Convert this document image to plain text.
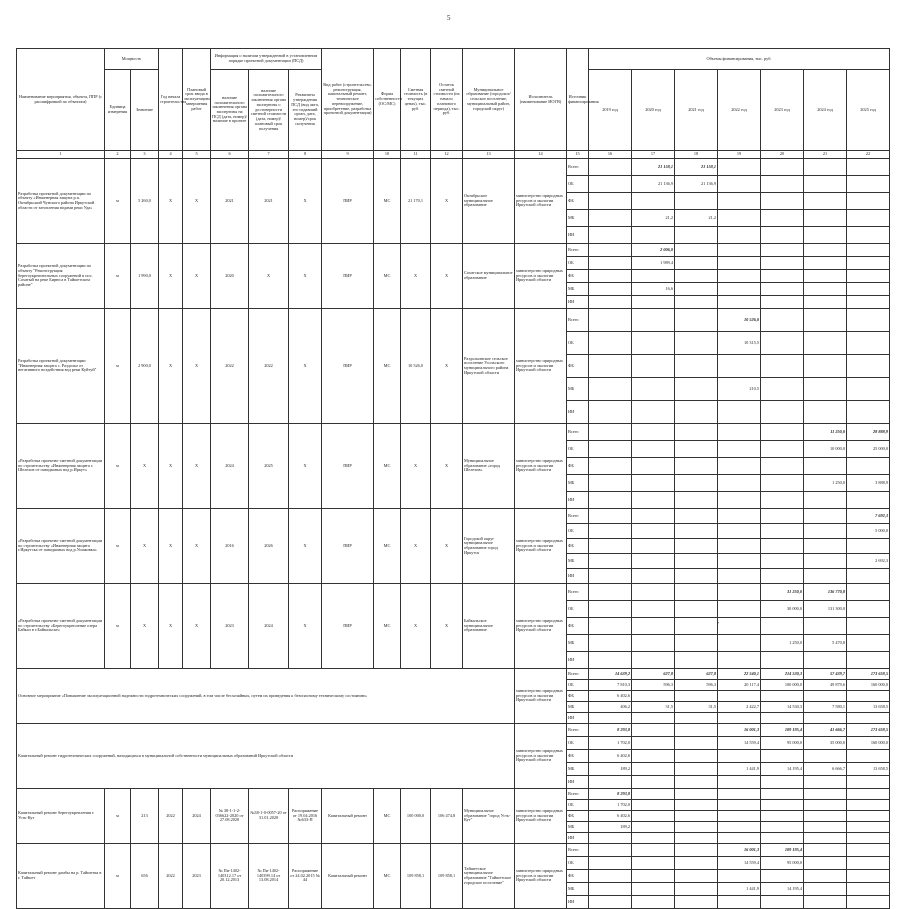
5
Наименование мероприятия, объекта, ППР (с расшифровкой по объектам)	Мощность		Год начала строительства	Плановый срок ввода в эксплуатацию/завершения работ	Информация о наличии утвержденной в установленном порядке проектной документации (ПСД)			Вид работ (строительство, реконструкция, капитальный ремонт, техническое перевооружение, приобретение, разработка проектной документации)	Форма собственности (ОС/МС)	Сметная стоимость (в текущих ценах), тыс. руб.	Остаток сметной стоимости (на начало планового периода), тыс. руб.	Муниципальное образование (городское/сельское поселение, муниципальный район, городской округ)	Исполнитель (наименование ИОГВ)	Источник финансирования	Объемы финансирования, тыс. руб.						
	Единица измерения	Значение			наличие положительного заключения органа экспертизы на ПСД (дата, номер)/наличие в проекте	наличие положительного заключения органа экспертизы о достоверности сметной стоимости (дата, номер)/плановый срок получения	Реквизиты утверждения ПСД (вид акта, его издавший орган, дата, номер)/срок получения								2019 год	2020 год	2021 год	2022 год	2023 год	2024 год	2025 год
1	2	3	4	5	6	7	8	9	10	11	12	13	14	15	16	17	18	19	20	21	22
Разработка проектной документации по объекту «Инженерная защита р.п. Октябрьский Чунского района Иркутской области от затопления водами реки Уда»	м	5 260,0	Х	Х	2021	2021	Х	ПИР	МС	21 170,1	Х	Октябрьское муниципальное образование	министерство природных ресурсов и экологии Иркутской области	Всего		21 158,1	21 158,1				
														ОБ		21 136,9	21 136,9				
														ФБ							
														МБ		21,2	21,2				
														ИИ							
Разработка проектной документации по объекту "Реконструкция берегоукрепительных сооружений в пос. Сохатый на реке Бирюса в Тайшетском районе"	м	1 990,0	Х	Х	2020	Х	Х	ПИР	МС	Х	Х	Сохатское муниципальное образование	министерство природных ресурсов и экологии Иркутской области	Всего		2 006,0					
														ОБ		1 989,4					
														ФБ							
														МБ		16,6					
														ИИ							
Разработка проектной документации "Инженерная защита с. Раздолье от негативного воздействия вод реки Куйтуй"	м	2 900,0	Х	Х	2022	2022	Х	ПИР	МС	10 526,0	Х	Раздольинское сельское поселение Усольского муниципального района Иркутской области	министерство природных ресурсов и экологии Иркутской области	Всего				10 526,0			
														ОБ				10 315,5			
														ФБ							
														МБ				210,5			
														ИИ							
«Разработка проектно-сметной документации по строительству «Инженерная защита г. Шелехов от паводковых вод р.Иркут»	м	Х	Х	Х	2024	2025	Х	ПИР	МС	Х	Х	Муниципальное образование «город Шелехов»	министерство природных ресурсов и экологии Иркутской области	Всего						11 250,0	28 888,9
														ОБ						10 000,0	25 000,0
														ФБ							
														МБ						1 250,0	3 888,9
														ИИ							
«Разработка проектно-сметной документации по строительству «Инженерная защита г.Иркутска от паводковых вод р.Ушаковка»	м	Х	Х	Х	2016	2026	Х	ПИР	МС	Х	Х	Городской округ муниципальное образование город Иркутск	министерство природных ресурсов и экологии Иркутской области	Всего							7 692,3
														ОБ							5 000,0
														ФБ							
														МБ							2 692,3
														ИИ							
«Разработка проектно-сметной документации по строительству «Берегоукрепление озера Байкал в г.Байкальске»	м	Х	Х	Х	2023	2024	Х	ПИР	МС	Х	Х	Байкальское муниципальное образование	министерство природных ресурсов и экологии Иркутской области	Всего					31 250,0	136 770,8	
														ОБ					30 000,0	131 300,0	
														ФБ							
														МБ					1 250,0	5 470,8	
														ИИ							
Основное мероприятие «Повышение эксплуатационной надежности гидротехнических сооружений, в том числе бесхозяйных, путем их приведения к безопасному техническому состоянию»													министерство природных ресурсов и экологии Иркутской области	Всего	14 639,2	627,8	627,8	22 540,1	214 530,3	57 439,7	173 658,5
														ОБ	7 810,3	596,3	596,3	20 117,4	100 000,0	49 879,6	160 000,0
														ФБ	6 402,6						
														МБ	406,2	31,5	31,5	2 422,7	14 530,3	7 580,1	13 658,5
														ИИ							
Капитальный ремонт гидротехнических сооружений, находящихся в муниципальной собственности муниципальных образований Иркутской области													министерство природных ресурсов и экологии Иркутской области	Всего	8 293,8			16 001,3	109 195,4	41 666,7	173 658,5
														ОБ	1 702,0			14 559,4	95 000,0	35 000,0	160 000,0
														ФБ	6 402,6						
														МБ	189,2			1 441,9	14 195,4	6 666,7	13 658,5
														ИИ							
Капитальный ремонт берегоукрепления г. Усть-Кут	м	213	2022	2024	№ 38-1-1-2-036622-2020 от 27.08.2020	№38-1-0-0057-20 от 31.01.2020	Распоряжение от 19.04.2016 №633-П	Капитальный ремонт	МС	100 000,0	106 474,8	Муниципальное образование "город Усть-Кут"	министерство природных ресурсов и экологии Иркутской области	Всего	8 293,8						
														ОБ	1 702,0						
														ФБ	6 402,6						
														МБ	189,2						
														ИИ							
Капитальный ремонт дамбы на р. Тайшетка в г. Тайшет	м	656	2022	2023	№ Пи-1402-140312.17 от 20.12.2013	№ Пи-1402-140399.14 от 13.08.2014	Распоряжение от 24.02.2015 № 44	Капитальный ремонт	МС	109 858,1	109 858,1	Тайшетское муниципальное образование "Тайшетское городское поселение"	министерство природных ресурсов и экологии Иркутской области	Всего				16 001,3	109 195,4		
														ОБ				14 559,4	95 000,0		
														ФБ							
														МБ				1 441,9	14 195,4		
														ИИ							
'
